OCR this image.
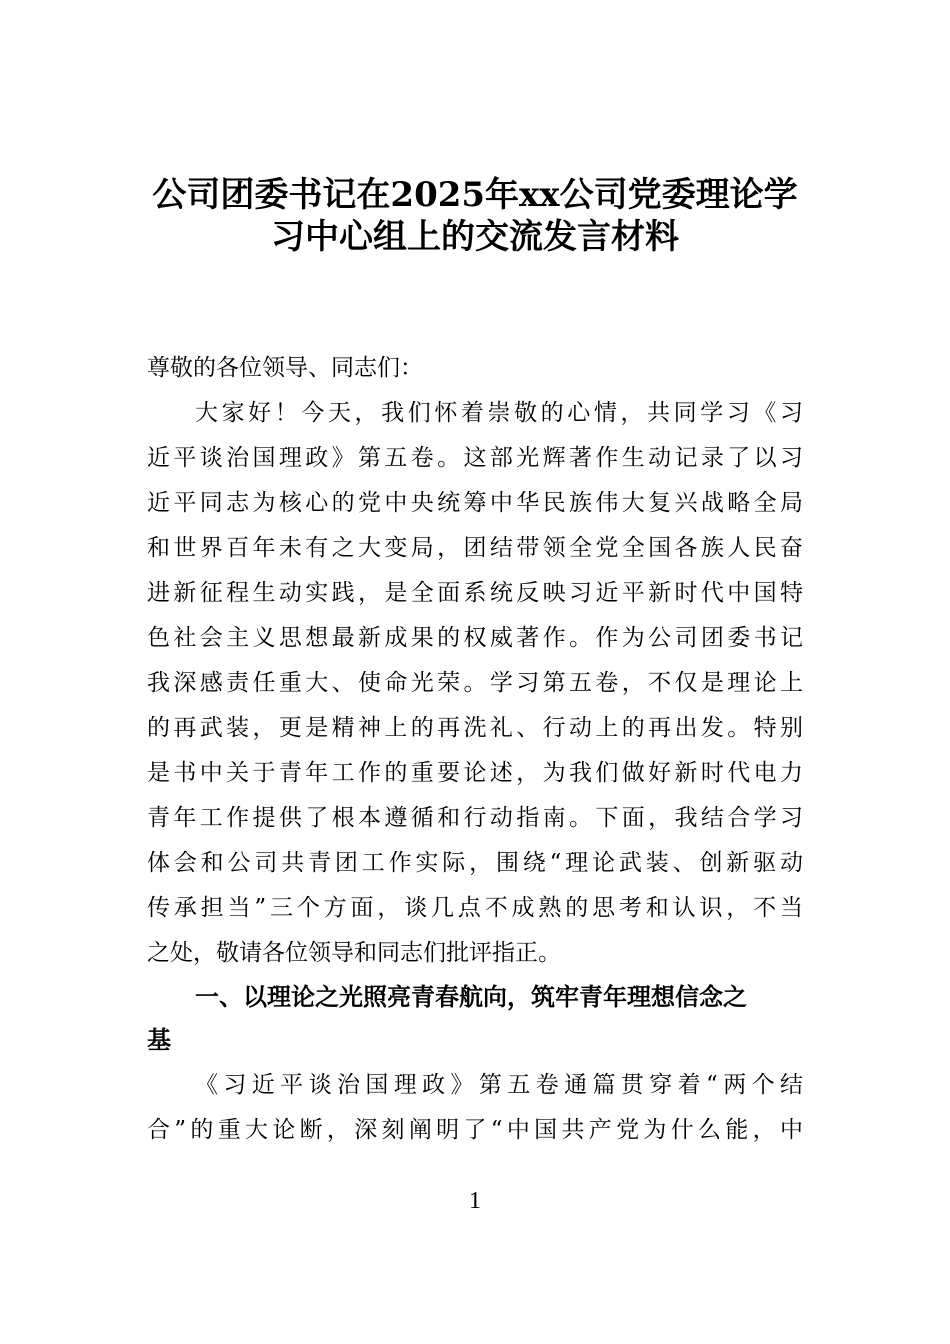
公司团委书记在2025年xx公司党委理论学
习中心组上的交流发言材料
尊敬的各位领导、同志们：
大家好！今天，我们怀着崇敬的心情，共同学习《习
近平谈治国理政》第五卷。这部光辉著作生动记录了以习
近平同志为核心的党中央统筹中华民族伟大复兴战略全局
和世界百年未有之大变局，团结带领全党全国各族人民奋
进新征程生动实践，是全面系统反映习近平新时代中国特
色社会主义思想最新成果的权威著作。作为公司团委书记
我深感责任重大、使命光荣。学习第五卷，不仅是理论上
的再武装，更是精神上的再洗礼、行动上的再出发。特别
是书中关于青年工作的重要论述，为我们做好新时代电力
青年工作提供了根本遵循和行动指南。下面，我结合学习
体会和公司共青团工作实际，围绕“理论武装、创新驱动
传承担当”三个方面，谈几点不成熟的思考和认识，不当
之处，敬请各位领导和同志们批评指正。
一、以理论之光照亮青春航向，筑牢青年理想信念之
基
《习近平谈治国理政》第五卷通篇贯穿着“两个结
合”的重大论断，深刻阐明了“中国共产党为什么能，中
1
